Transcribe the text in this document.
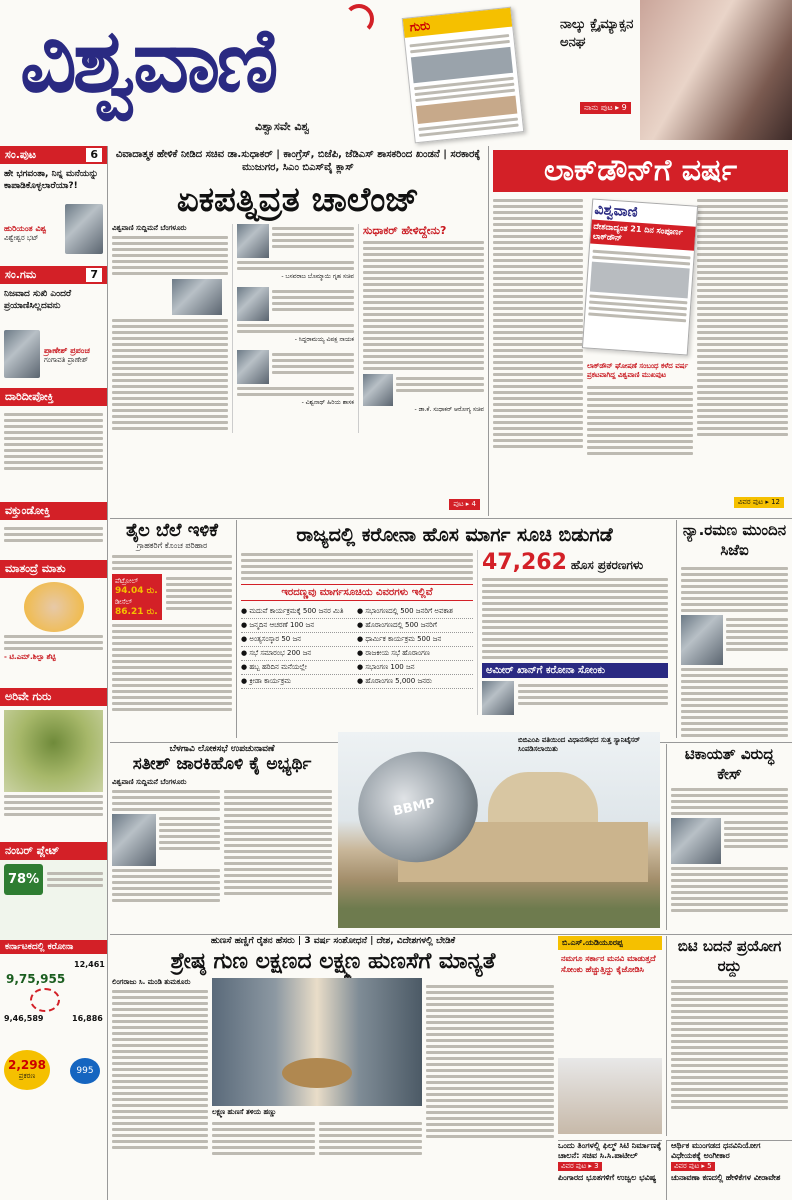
ವಿಶ್ವವಾಣಿ
ವಿಶ್ವಾಸವೇ ವಿಶ್ವ
ಗುರು	ನಾಲ್ಕು ಕ್ಲೈಮ್ಯಾಕ್ಸನ ಅನಘ
ನಾನು ಪುಟ ▸ 9
ಸಂ.ಪುಟ	6
ಹೇ ಭಗವಂತಾ, ನಿನ್ನ ಮನೆಯನ್ನು ಕಾಪಾಡಿಕೊಳ್ಳಲಾರೆಯಾ?!
ಹುರಿಯಂತ ವಿಶ್ವ
ವಿಶ್ವೇಶ್ವರ ಭಟ್
ಸಂ.ಗಮ	7
ನಿಜವಾದ ಸುಖಿ ಎಂದರೆ ಪ್ರಯಾಣಿಸಿಲ್ಲದವನು
ಪ್ರಾಣೇಶ್ ಪ್ರಪಂಚ
ಗಂಗಾವತಿ ಪ್ರಾಣೇಶ್
ದಾರಿದೀಪೋಕ್ತಿ
ವಕ್ತುಂಡೋಕ್ತಿ
ಮಾತಂದ್ರೆ ಮಾತು
- ಟಿ.ಎಮ್.ಶಿಲ್ಪಾ ಶೆಟ್ಟಿ
ಅರಿವೇ ಗುರು
ನಂಬರ್ ಪ್ಲೇಟ್
78%
ಕರ್ನಾಟಕದಲ್ಲಿ ಕರೋನಾ
9,75,955
12,461
9,46,589	16,886
2,298
ಪ್ರಕರಣ	995
ವಿವಾದಾತ್ಮಕ ಹೇಳಿಕೆ ನೀಡಿದ ಸಚಿವ ಡಾ.ಸುಧಾಕರ್ | ಕಾಂಗ್ರೆಸ್, ಬಿಜೆಪಿ, ಜೆಡಿಎಸ್ ಶಾಸಕರಿಂದ ಖಂಡನೆ | ಸರಕಾರಕ್ಕೆ ಮುಜುಗರ, ಸಿಎಂ ಬಿಎಸ್‌ವೈ ಕ್ಲಾಸ್
ಏಕಪತ್ನಿವ್ರತ ಚಾಲೆಂಜ್
ವಿಶ್ವವಾಣಿ ಸುದ್ದಿಮನೆ ಬೆಂಗಳೂರು
- ಬಸವರಾಜ ಬೊಮ್ಮಾಯಿ ಗೃಹ ಸಚಿವ
- ಸಿದ್ದರಾಮಯ್ಯ ವಿಪಕ್ಷ ನಾಯಕ
- ವಿಶ್ವನಾಥ್ ಹಿರಿಯ ಶಾಸಕ
ಸುಧಾಕರ್ ಹೇಳಿದ್ದೇನು?
- ಡಾ.ಕೆ. ಸುಧಾಕರ್ ಆರೋಗ್ಯ ಸಚಿವ
ಪುಟ ▸ 4
ಲಾಕ್‌ಡೌನ್‌ಗೆ ವರ್ಷ
ವಿಶ್ವವಾಣಿ
ದೇಶದಾದ್ಯಂತ 21 ದಿನ ಸಂಪೂರ್ಣ ಲಾಕ್‌ಡೌನ್
ಲಾಕ್‌ಡೌನ್ ಘೋಷಣೆ ಸಂಬಂಧ ಕಳೆದ ವರ್ಷ ಪ್ರಕಟವಾಗಿದ್ದ ವಿಶ್ವವಾಣಿ ಮುಖಪುಟ
ವಿವರ ಪುಟ ▸ 12
ತೈಲ ಬೆಲೆ ಇಳಿಕೆ
ಗ್ರಾಹಕರಿಗೆ ಕೊಂಚ ಪರಿಹಾರ
ಪೆಟ್ರೋಲ್
94.04 ರು.
ಡೀಸೆಲ್
86.21 ರು.
ರಾಜ್ಯದಲ್ಲಿ ಕರೋನಾ ಹೊಸ ಮಾರ್ಗ ಸೂಚಿ ಬಿಡುಗಡೆ
ಇರದಣ್ಣವು ಮಾರ್ಗಸೂಚಿಯ ವಿವರಗಳು ಇಲ್ಲಿವೆ
● ಮದುವೆ ಕಾರ್ಯಕ್ರಮಕ್ಕೆ 500 ಜನರ ಮಿತಿ	● ಸಭಾಂಗಣದಲ್ಲಿ 500 ಜನರಿಗೆ ಅವಕಾಶ
● ಜನ್ಮದಿನ ಆಚರಣೆ 100 ಜನ	● ಹೊರಾಂಗಣದಲ್ಲಿ 500 ಜನರಿಗೆ
● ಅಂತ್ಯಸಂಸ್ಕಾರ 50 ಜನ	● ಧಾರ್ಮಿಕ ಕಾರ್ಯಕ್ರಮ 500 ಜನ
● ಸಭೆ ಸಮಾರಂಭ 200 ಜನ	● ರಾಜಕೀಯ ಸಭೆ ಹೊರಾಂಗಣ
● ಹಬ್ಬ ಹರಿದಿನ ಮನೆಯಲ್ಲೇ	● ಸಭಾಂಗಣ 100 ಜನ
● ಕ್ರೀಡಾ ಕಾರ್ಯಕ್ರಮ	● ಹೊರಾಂಗಣ 5,000 ಜನರು
47,262 ಹೊಸ ಪ್ರಕರಣಗಳು
ಅಮೀರ್ ಖಾನ್‌ಗೆ ಕರೋನಾ ಸೋಂಕು
ನ್ಯಾ.ರಮಣ ಮುಂದಿನ ಸಿಜೆಐ
ಬೆಳಗಾವಿ ಲೋಕಸಭೆ ಉಪಚುನಾವಣೆ
ಸತೀಶ್ ಜಾರಕಿಹೊಳಿ ಕೈ ಅಭ್ಯರ್ಥಿ
ವಿಶ್ವವಾಣಿ ಸುದ್ದಿಮನೆ ಬೆಂಗಳೂರು
BBMP
ಬಿಬಿಎಂಪಿ ವತಿಯಿಂದ ವಿಧಾನಸೌಧದ ಸುತ್ತ ಸ್ಯಾನಿಟೈಸರ್ ಸಿಂಪಡಿಸಲಾಯಿತು	ಟಿಕಾಯತ್ ವಿರುದ್ಧ ಕೇಸ್
ಹುಣಸೆ ಹಣ್ಣಿಗೆ ರೈತನ ಹೆಸರು | 3 ವರ್ಷ ಸಂಶೋಧನೆ | ದೇಶ, ವಿದೇಶಗಳಲ್ಲಿ ಬೇಡಿಕೆ
ಶ್ರೇಷ್ಠ ಗುಣ ಲಕ್ಷಣದ ಲಕ್ಷ್ಮಣ ಹುಣಸೆಗೆ ಮಾನ್ಯತೆ
ಲಿಂಗರಾಜು ಸಿ. ಮಂಡಿ ತುಮಕೂರು
ಲಕ್ಷ್ಮಣ ಹುಣಸೆ ತಳಿಯ ಹಣ್ಣು
ಬಿ.ಎಸ್.ಯಡಿಯೂರಪ್ಪ
ನಮಗೂ ಸರ್ಕಾರ ಮನವಿ ಮಾಡುತ್ತದೆ ಸೋಂಕು ಹೆಚ್ಚುತ್ತಿದ್ದು ಕೈಜೋಡಿಸಿ
ಒಂದು ತಿಂಗಳಲ್ಲಿ ಫಿಲ್ಮ್ ಸಿಟಿ ನಿರ್ಮಾಣಕ್ಕೆ ಚಾಲನೆ: ಸಚಿವ ಸಿ.ಸಿ.ಪಾಟೀಲ್
ವಿವರ ಪುಟ ▸ 3
ಪಿಂಗಾರದ ಭೂತಗಳಿಗೆ ಉಜ್ವಲ ಭವಿಷ್ಯ
ಬಿಟಿ ಬದನೆ ಪ್ರಯೋಗ ರದ್ದು
ಆರ್ಥಿಕ ಮುಂಗಡದ ಧನವಿನಿಯೋಗ ವಿಧೇಯಕಕ್ಕೆ ಅಂಗೀಕಾರ
ವಿವರ ಪುಟ ▸ 5
ಚುನಾವಣಾ ಕಣದಲ್ಲಿ ಹೇಳಿಕೆಗಳ ವೀರಾವೇಶ
